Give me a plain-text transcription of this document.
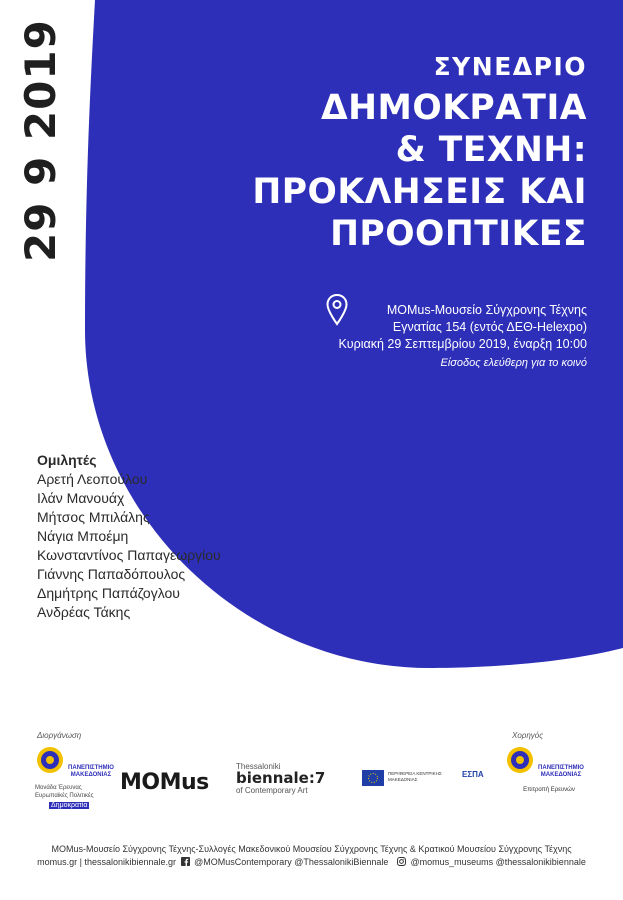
29 9 2019	ΣΥΝΕΔΡΙΟ
ΔΗΜΟΚΡΑΤΙΑ
& ΤΕΧΝΗ:
ΠΡΟΚΛΗΣΕΙΣ ΚΑΙ
ΠΡΟΟΠΤΙΚΕΣ
MOMus-Μουσείο Σύγχρονης Τέχνης
Εγνατίας 154 (εντός ΔΕΘ-Helexpo)
Κυριακή 29 Σεπτεμβρίου 2019, έναρξη 10:00
Είσοδος ελεύθερη για το κοινό
Ομιλητές
Αρετή Λεοπούλου
Ιλάν Μανουάχ
Μήτσος Μπιλάλης
Νάγια Μποέμη
Κωνσταντίνος Παπαγεωργίου
Γιάννης Παπαδόπουλος
Δημήτρης Παπάζογλου
Ανδρέας Τάκης
Διοργάνωση	Χορηγός
ΠΑΝΕΠΙΣΤΗΜΙΟ ΜΑΚΕΔΟΝΙΑΣ
Μονάδα Έρευνας
Ευρωπαϊκές Πολιτικές
Δημοκρατία
MOMus
Thessaloniki
biennale:7
of Contemporary Art
ΠΕΡΙΦΕΡΕΙΑ ΚΕΝΤΡΙΚΗΣ ΜΑΚΕΔΟΝΙΑΣ	ΕΣΠΑ
ΠΑΝΕΠΙΣΤΗΜΙΟ ΜΑΚΕΔΟΝΙΑΣ
Επιτροπή Ερευνών
MOMus-Μουσείο Σύγχρονης Τέχνης-Συλλογές Μακεδονικού Μουσείου Σύγχρονης Τέχνης & Κρατικού Μουσείου Σύγχρονης Τέχνης
momus.gr | thessalonikibiennale.gr @MOMusContemporary @ThessalonikiBiennale @momus_museums @thessalonikibiennale
